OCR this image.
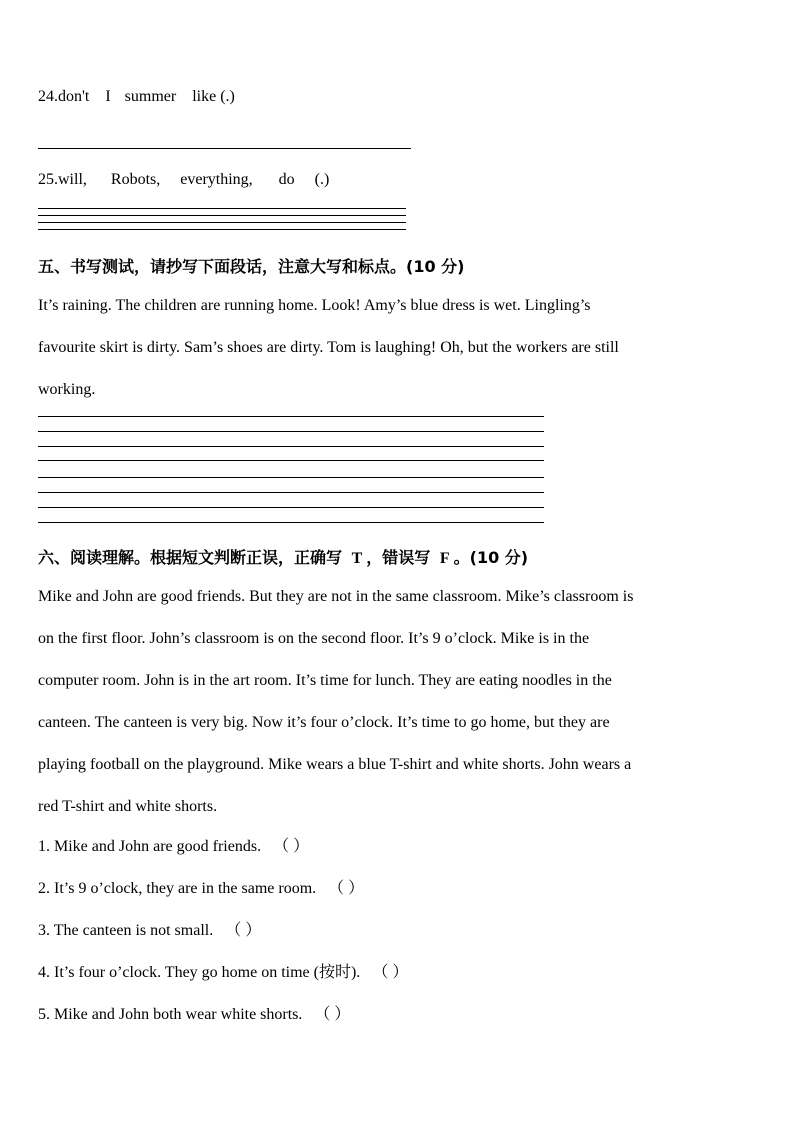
24.don't I summer like (.)
25.will, Robots, everything, do (.)
五、书写测试，请抄写下面段话，注意大写和标点。(10 分)
It’s raining. The children are running home. Look! Amy’s blue dress is wet. Lingling’s
favourite skirt is dirty. Sam’s shoes are dirty. Tom is laughing! Oh, but the workers are still
working.
六、阅读理解。根据短文判断正误，正确写 T ，错误写 F 。(10 分)
Mike and John are good friends. But they are not in the same classroom. Mike’s classroom is
on the first floor. John’s classroom is on the second floor. It’s 9 o’clock. Mike is in the
computer room. John is in the art room. It’s time for lunch. They are eating noodles in the
canteen. The canteen is very big. Now it’s four o’clock. It’s time to go home, but they are
playing football on the playground. Mike wears a blue T-shirt and white shorts. John wears a
red T-shirt and white shorts.
1. Mike and John are good friends. （ ）
2. It’s 9 o’clock, they are in the same room. （ ）
3. The canteen is not small. （ ）
4. It’s four o’clock. They go home on time (按时). （ ）
5. Mike and John both wear white shorts. （ ）
